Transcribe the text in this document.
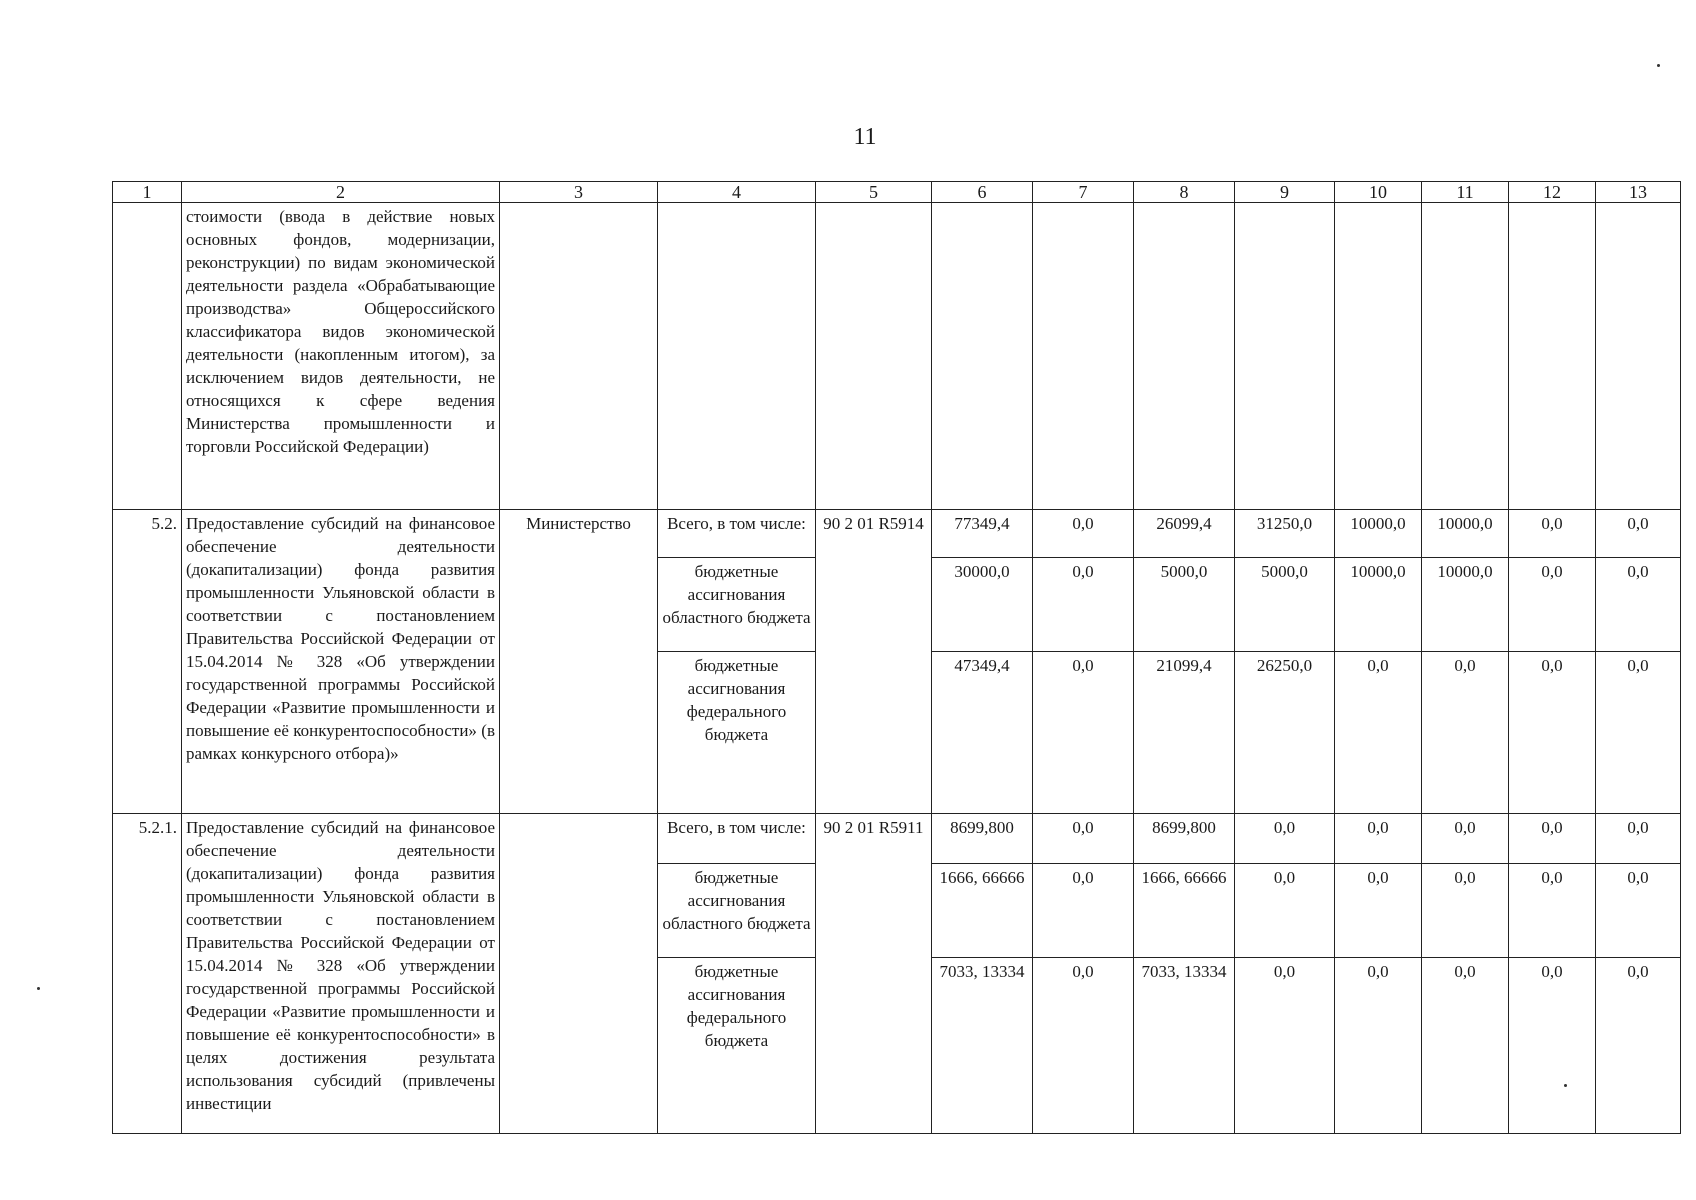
11
1	2	3	4	5	6	7	8	9	10	11	12	13
	стоимости (ввода в действие новых основных фондов, модернизации, реконструкции) по видам экономической деятельности раздела «Обрабатывающие производства» Общероссийского классификатора видов экономической деятельности (накопленным итогом), за исключением видов деятельности, не относящихся к сфере ведения Министерства промышленности и торговли Российской Федерации)											
5.2.	Предоставление субсидий на финансовое обеспечение деятельности (докапитализации) фонда развития промышленности Ульяновской области в соответствии с постановлением Правительства Российской Федерации от 15.04.2014 № 328 «Об утверждении государственной программы Российской Федерации «Развитие промышленности и повышение её конкурентоспособности» (в рамках конкурсного отбора)»	Министерство	Всего, в том числе:	90 2 01 R5914	77349,4	0,0	26099,4	31250,0	10000,0	10000,0	0,0	0,0
			бюджетные ассигнования областного бюджета		30000,0	0,0	5000,0	5000,0	10000,0	10000,0	0,0	0,0
			бюджетные ассигнования федерального бюджета		47349,4	0,0	21099,4	26250,0	0,0	0,0	0,0	0,0
5.2.1.	Предоставление субсидий на финансовое обеспечение деятельности (докапитализации) фонда развития промышленности Ульяновской области в соответствии с постановлением Правительства Российской Федерации от 15.04.2014 № 328 «Об утверждении государственной программы Российской Федерации «Развитие промышленности и повышение её конкурентоспособности» в целях достижения результата использования субсидий (привлечены инвестиции		Всего, в том числе:	90 2 01 R5911	8699,800	0,0	8699,800	0,0	0,0	0,0	0,0	0,0
			бюджетные ассигнования областного бюджета		1666, 66666	0,0	1666, 66666	0,0	0,0	0,0	0,0	0,0
			бюджетные ассигнования федерального бюджета		7033, 13334	0,0	7033, 13334	0,0	0,0	0,0	0,0	0,0
